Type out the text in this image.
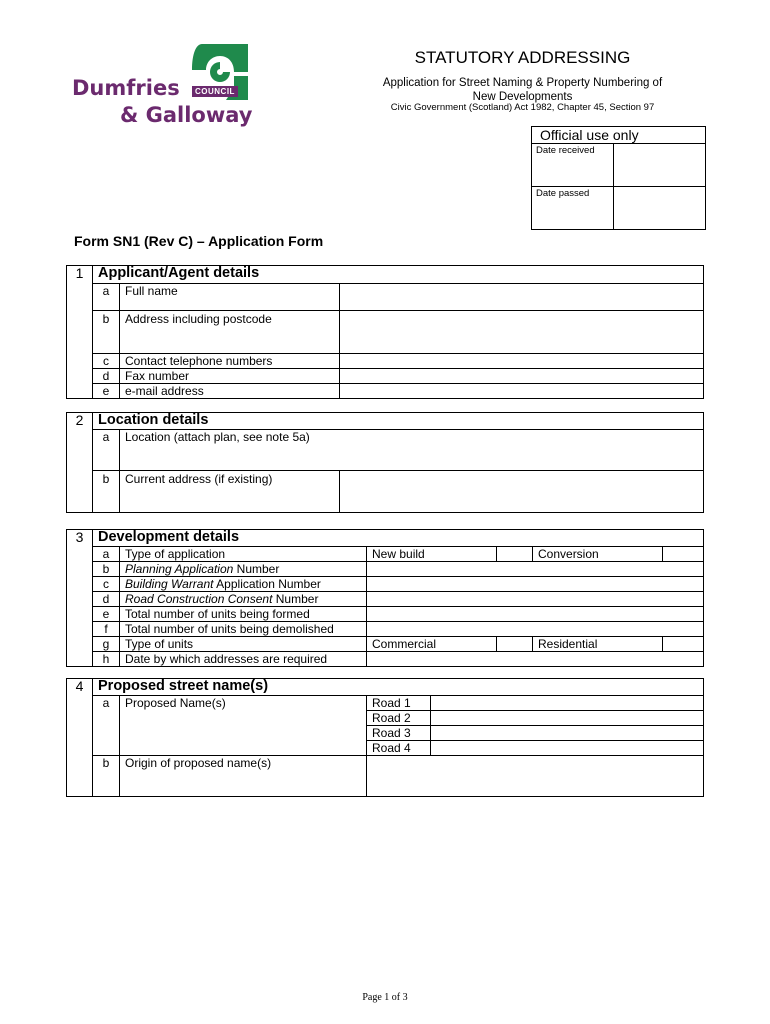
Dumfries	COUNCIL
& Galloway
STATUTORY ADDRESSING
Application for Street Naming & Property Numbering of
New Developments
Civic Government (Scotland) Act 1982, Chapter 45, Section 97
Official use only	
Date received	
Date passed	
Form SN1 (Rev C) – Application Form
1	Applicant/Agent details		
	a	Full name	
	b	Address including postcode	
	c	Contact telephone numbers	
	d	Fax number	
	e	e-mail address	
2	Location details		
	a	Location (attach plan, see note 5a)	
	b	Current address (if existing)	
3	Development details					
	a	Type of application	New build		Conversion	
	b	Planning Application Number				
	c	Building Warrant Application Number				
	d	Road Construction Consent Number				
	e	Total number of units being formed				
	f	Total number of units being demolished				
	g	Type of units	Commercial		Residential	
	h	Date by which addresses are required				
4	Proposed street name(s)			
	a	Proposed Name(s)	Road 1	
			Road 2	
			Road 3	
			Road 4	
	b	Origin of proposed name(s)		
Page 1 of 3
